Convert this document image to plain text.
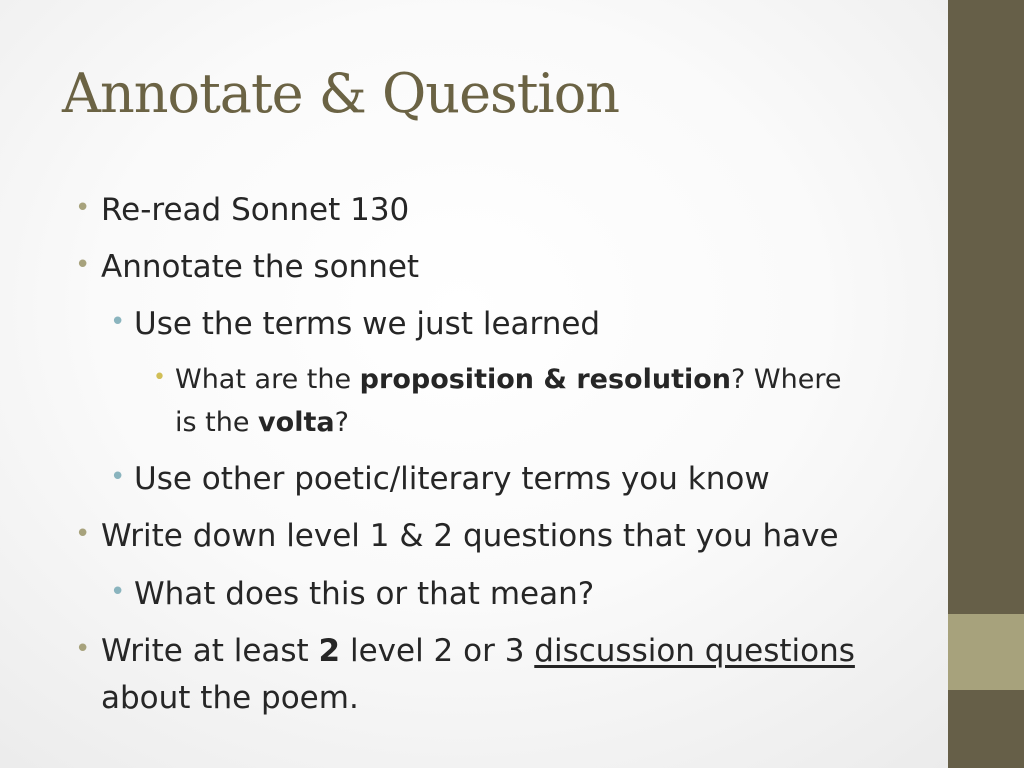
Annotate & Question
• Re-read Sonnet 130
• Annotate the sonnet
• Use the terms we just learned
• What are the proposition & resolution? Where
is the volta?
• Use other poetic/literary terms you know
• Write down level 1 & 2 questions that you have
• What does this or that mean?
• Write at least 2 level 2 or 3 discussion questions
about the poem.
